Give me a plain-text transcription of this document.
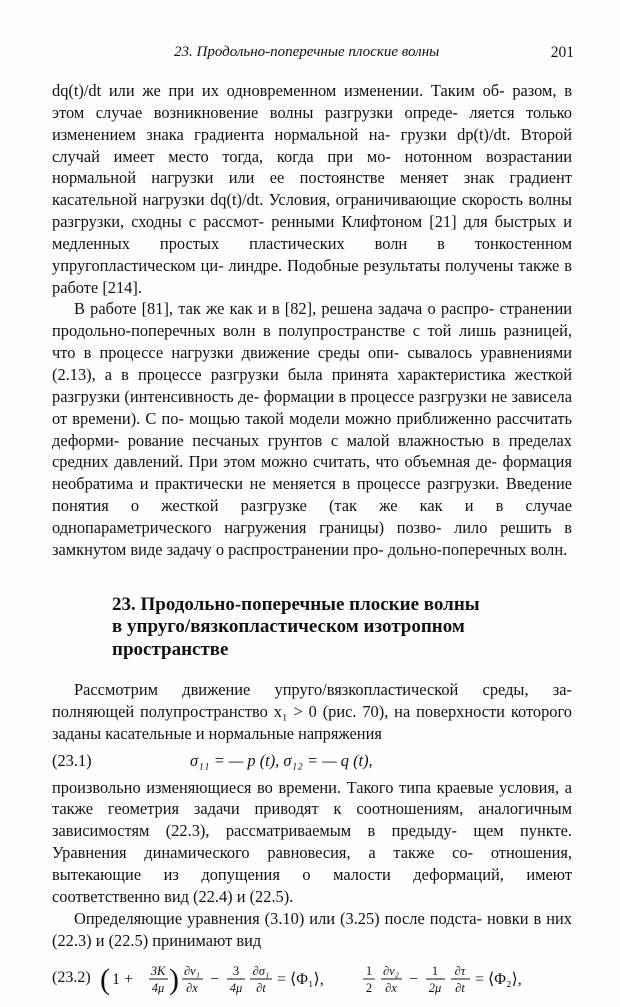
23. Продольно-поперечные плоские волны	201

dq(t)/dt или же при их одновременном изменении. Таким об- разом, в этом случае возникновение волны разгрузки опреде- ляется только изменением знака градиента нормальной на- грузки dp(t)/dt. Второй случай имеет место тогда, когда при мо- нотонном возрастании нормальной нагрузки или ее постоянстве меняет знак градиент касательной нагрузки dq(t)/dt. Условия, ограничивающие скорость волны разгрузки, сходны с рассмот- ренными Клифтоном [21] для быстрых и медленных простых пластических волн в тонкостенном упругопластическом ци- линдре. Подобные результаты получены также в работе [214].

В работе [81], так же как и в [82], решена задача о распро- странении продольно-поперечных волн в полупространстве с той лишь разницей, что в процессе нагрузки движение среды опи- сывалось уравнениями (2.13), а в процессе разгрузки была принята характеристика жесткой разгрузки (интенсивность де- формации в процессе разгрузки не зависела от времени). С по- мощью такой модели можно приближенно рассчитать деформи- рование песчаных грунтов с малой влажностью в пределах средних давлений. При этом можно считать, что объемная де- формация необратима и практически не меняется в процессе разгрузки. Введение понятия о жесткой разгрузке (так же как и в случае однопараметрического нагружения границы) позво- лило решить в замкнутом виде задачу о распространении про- дольно-поперечных волн.

23. Продольно-поперечные плоские волны
в упруго/вязкопластическом изотропном
пространстве

Рассмотрим движение упруго/вязкопластической среды, за- полняющей полупространство x₁ > 0 (рис. 70), на поверхности которого заданы касательные и нормальные напряжения

(23.1)	σ₁₁ = — p (t), σ₁₂ = — q (t),

произвольно изменяющиеся во времени. Такого типа краевые условия, а также геометрия задачи приводят к соотношениям, аналогичным зависимостям (22.3), рассматриваемым в предыду- щем пункте. Уравнения динамического равновесия, а также со- отношения, вытекающие из допущения о малости деформаций, имеют соответственно вид (22.4) и (22.5).

Определяющие уравнения (3.10) или (3.25) после подста- новки в них (22.3) и (22.5) принимают вид

(23.2) ( 1 + 3K
4μ ) ∂v₁
∂x − 3
4μ
∂σ₁
∂t = ⟨Φ₁⟩,	1
2
∂v₂
∂x − 1
2μ
∂τ
∂t = ⟨Φ₂⟩,
